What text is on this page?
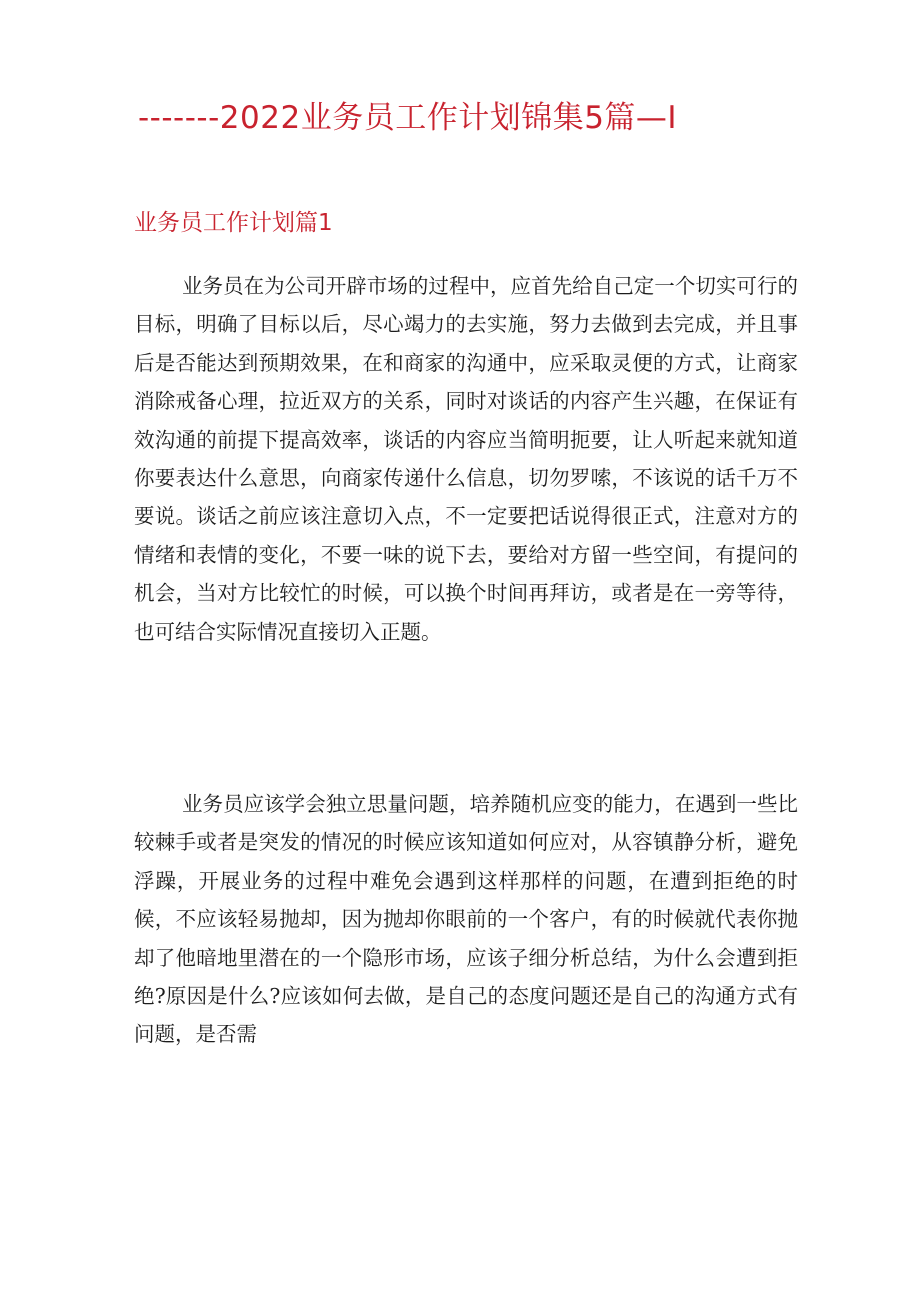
-------2022业务员工作计划锦集5篇—I
业务员工作计划篇1

业务员在为公司开辟市场的过程中，应首先给自己定一个切实可行的目标，明确了目标以后，尽心竭力的去实施，努力去做到去完成，并且事后是否能达到预期效果，在和商家的沟通中，应采取灵便的方式，让商家消除戒备心理，拉近双方的关系，同时对谈话的内容产生兴趣，在保证有效沟通的前提下提高效率，谈话的内容应当简明扼要，让人听起来就知道你要表达什么意思，向商家传递什么信息，切勿罗嗦，不该说的话千万不要说。谈话之前应该注意切入点，不一定要把话说得很正式，注意对方的情绪和表情的变化，不要一味的说下去，要给对方留一些空间，有提问的机会，当对方比较忙的时候，可以换个时间再拜访，或者是在一旁等待，也可结合实际情况直接切入正题。

业务员应该学会独立思量问题，培养随机应变的能力，在遇到一些比较棘手或者是突发的情况的时候应该知道如何应对，从容镇静分析，避免浮躁，开展业务的过程中难免会遇到这样那样的问题，在遭到拒绝的时候，不应该轻易抛却，因为抛却你眼前的一个客户，有的时候就代表你抛却了他暗地里潜在的一个隐形市场，应该子细分析总结，为什么会遭到拒绝?原因是什么?应该如何去做，是自己的态度问题还是自己的沟通方式有问题，是否需
